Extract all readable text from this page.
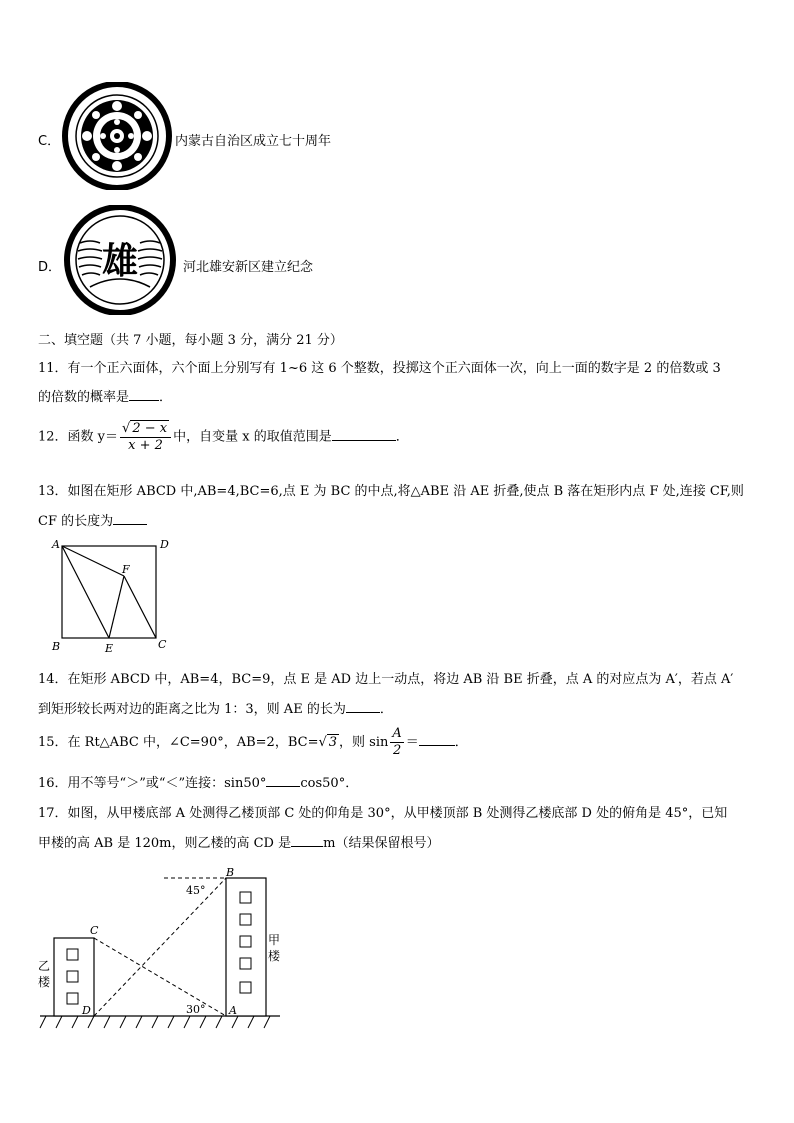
C．	内蒙古自治区成立七十周年
D． 雄	河北雄安新区建立纪念
二、填空题（共 7 小题，每小题 3 分，满分 21 分）
11．有一个正六面体，六个面上分别写有 1~6 这 6 个整数，投掷这个正六面体一次，向上一面的数字是 2 的倍数或 3
的倍数的概率是 ．
12．函数 $y= \frac{√ 2 - x}{x + 2}$ 中，自变量 x 的取值范围是	．
13．如图在矩形 ABCD 中,AB=4,BC=6,点 E 为 BC 的中点,将△ABE 沿 AE 折叠,使点 B 落在矩形内点 F 处,连接 CF,则
CF 的长度为
A	D
F
B	E	C
14．在矩形 ABCD 中，AB=4，BC=9，点 E 是 AD 边上一动点，将边 AB 沿 BE 折叠，点 A 的对应点为 A′，若点 A′
到矩形较长两对边的距离之比为 1：3，则 AE 的长为	．
15．在 Rt△ABC 中，∠C=90°，AB=2，BC=√ 3 ，则 $\sin \frac{A}{2}$ ＝	．
16．用不等号“＞”或“＜”连接：sin50°	cos50°．
17．如图，从甲楼底部 A 处测得乙楼顶部 C 处的仰角是 30°，从甲楼顶部 B 处测得乙楼底部 D 处的俯角是 45°，已知
甲楼的高 AB 是 120m，则乙楼的高 CD 是 m（结果保留根号）
B
C
D	A
45°
30°
甲
楼
乙
楼
